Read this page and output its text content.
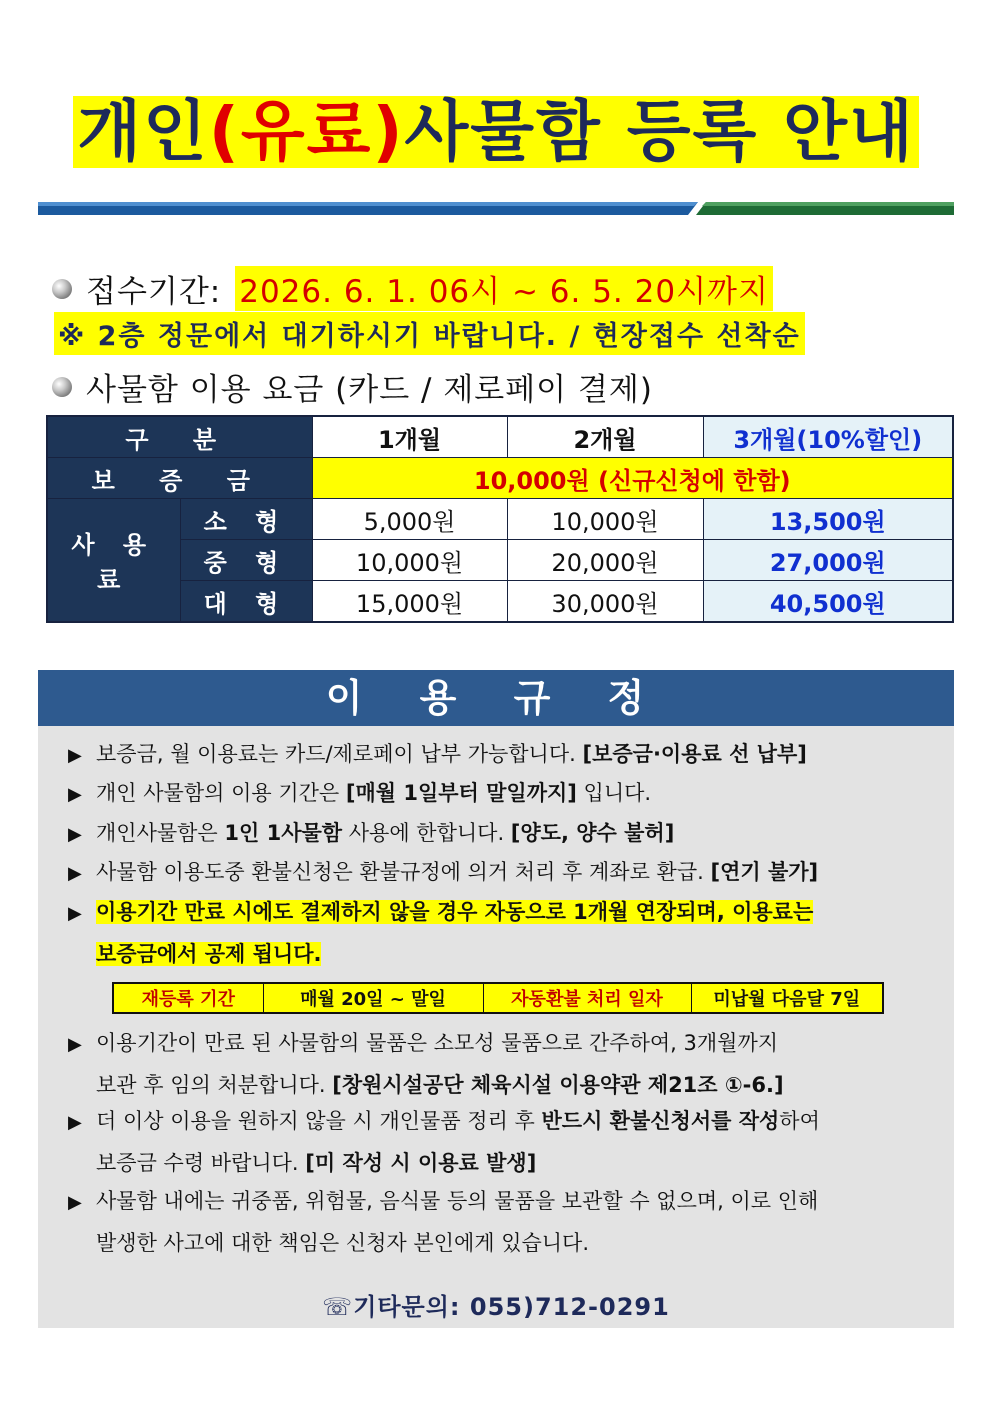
개인(유료)사물함 등록 안내
접수기간: 2026. 6. 1. 06시 ~ 6. 5. 20시까지
※ 2층 정문에서 대기하시기 바랍니다. / 현장접수 선착순
사물함 이용 요금 (카드 / 제로페이 결제)
구 분		1개월	2개월	3개월(10%할인)
보 증 금		10,000원 (신규신청에 한함)		
사 용 료	소 형	5,000원	10,000원	13,500원
	중 형	10,000원	20,000원	27,000원
	대 형	15,000원	30,000원	40,500원
이 용 규 정
▶ 보증금, 월 이용료는 카드/제로페이 납부 가능합니다. [보증금·이용료 선 납부]
▶ 개인 사물함의 이용 기간은 [매월 1일부터 말일까지] 입니다.
▶ 개인사물함은 1인 1사물함 사용에 한합니다. [양도, 양수 불허]
▶ 사물함 이용도중 환불신청은 환불규정에 의거 처리 후 계좌로 환급. [연기 불가]
▶ 이용기간 만료 시에도 결제하지 않을 경우 자동으로 1개월 연장되며, 이용료는
보증금에서 공제 됩니다.
재등록 기간	매월 20일 ~ 말일	자동환불 처리 일자	미납월 다음달 7일
▶ 이용기간이 만료 된 사물함의 물품은 소모성 물품으로 간주하여, 3개월까지
보관 후 임의 처분합니다. [창원시설공단 체육시설 이용약관 제21조 ①-6.]
▶ 더 이상 이용을 원하지 않을 시 개인물품 정리 후 반드시 환불신청서를 작성하여
보증금 수령 바랍니다. [미 작성 시 이용료 발생]
▶ 사물함 내에는 귀중품, 위험물, 음식물 등의 물품을 보관할 수 없으며, 이로 인해
발생한 사고에 대한 책임은 신청자 본인에게 있습니다.
☏기타문의: 055)712-0291
